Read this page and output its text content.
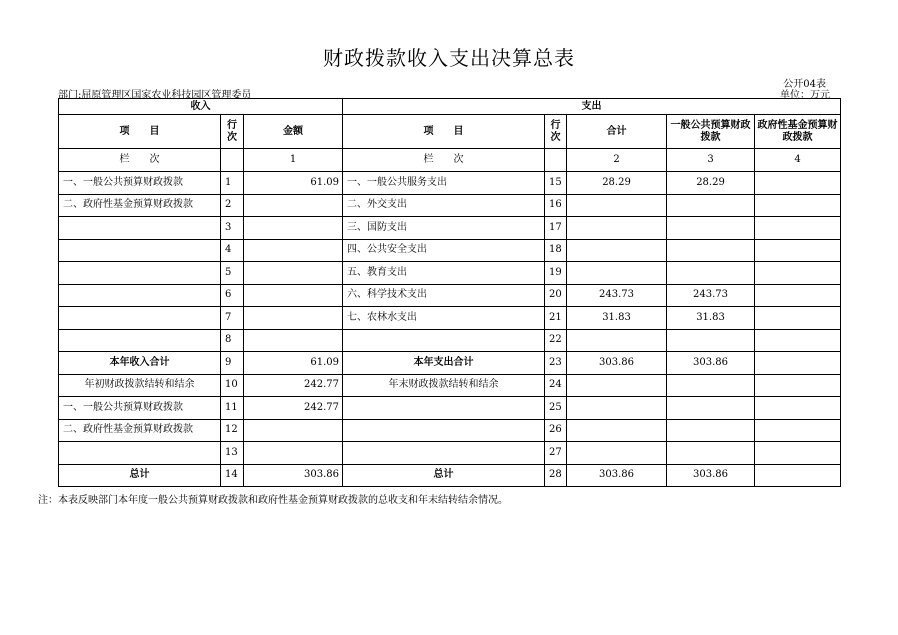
财政拨款收入支出决算总表
公开04表
部门:屈原管理区国家农业科技园区管理委员	单位：万元
收入			支出				
项　　目	行次	金额	项　　目	行次	合计	一般公共预算财政拨款	政府性基金预算财政拨款
栏　　次		1	栏　　次		2	3	4
一、一般公共预算财政拨款	1	61.09	一、一般公共服务支出	15	28.29	28.29	
二、政府性基金预算财政拨款	2		二、外交支出	16			
	3		三、国防支出	17			
	4		四、公共安全支出	18			
	5		五、教育支出	19			
	6		六、科学技术支出	20	243.73	243.73	
	7		七、农林水支出	21	31.83	31.83	
	8			22			
本年收入合计	9	61.09	本年支出合计	23	303.86	303.86	
年初财政拨款结转和结余	10	242.77	年末财政拨款结转和结余	24			
一、一般公共预算财政拨款	11	242.77		25			
二、政府性基金预算财政拨款	12			26			
	13			27			
总计	14	303.86	总计	28	303.86	303.86	
注：本表反映部门本年度一般公共预算财政拨款和政府性基金预算财政拨款的总收支和年末结转结余情况。
